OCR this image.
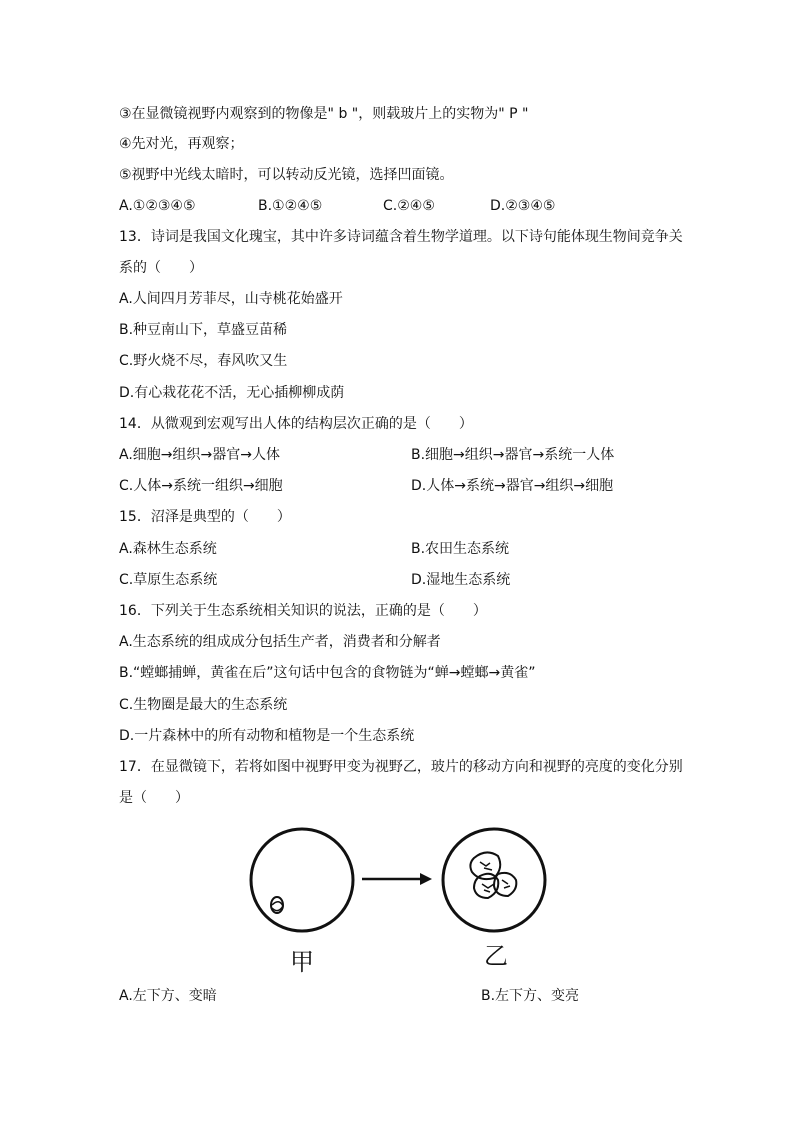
③在显微镜视野内观察到的物像是" b "，则载玻片上的实物为" P "
④先对光，再观察；
⑤视野中光线太暗时，可以转动反光镜，选择凹面镜。
A.①②③④⑤	B.①②④⑤	C.②④⑤	D.②③④⑤
13．诗词是我国文化瑰宝，其中许多诗词蕴含着生物学道理。以下诗句能体现生物间竞争关
系的（　　）
A.人间四月芳菲尽，山寺桃花始盛开
B.种豆南山下，草盛豆苗稀
C.野火烧不尽，春风吹又生
D.有心栽花花不活，无心插柳柳成荫
14．从微观到宏观写出人体的结构层次正确的是（　　）
A.细胞→组织→器官→人体	B.细胞→组织→器官→系统一人体
C.人体→系统一组织→细胞	D.人体→系统→器官→组织→细胞
15．沼泽是典型的（　　）
A.森林生态系统	B.农田生态系统
C.草原生态系统	D.湿地生态系统
16．下列关于生态系统相关知识的说法，正确的是（　　）
A.生态系统的组成成分包括生产者，消费者和分解者
B.“螳螂捕蝉，黄雀在后”这句话中包含的食物链为“蝉→螳螂→黄雀”
C.生物圈是最大的生态系统
D.一片森林中的所有动物和植物是一个生态系统
17．在显微镜下，若将如图中视野甲变为视野乙，玻片的移动方向和视野的亮度的变化分别
是（　　）
甲	乙
A.左下方、变暗	B.左下方、变亮
